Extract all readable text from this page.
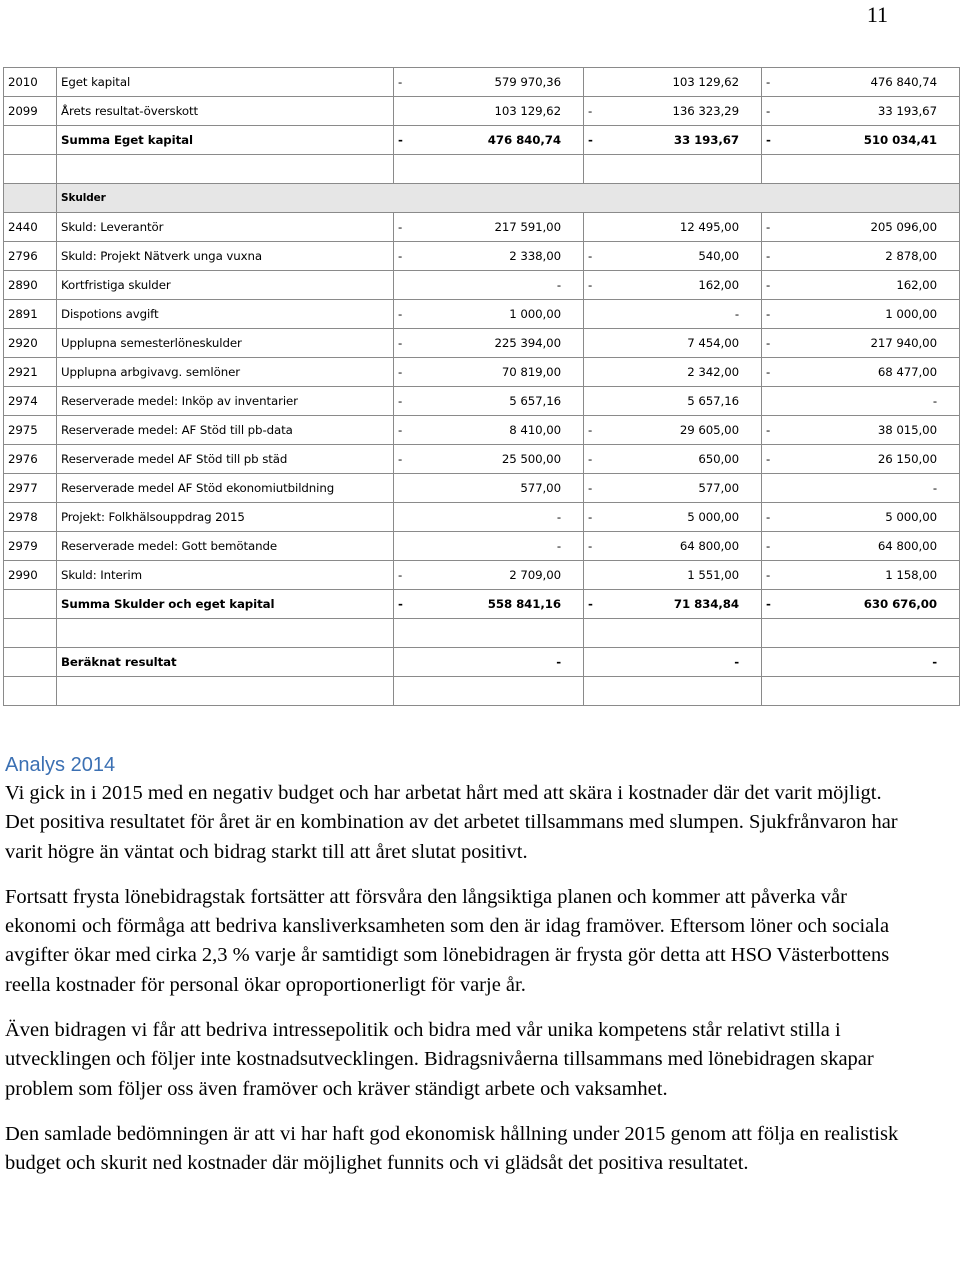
11
2010	Eget kapital	- 579 970,36	103 129,62	- 476 840,74

2099	Årets resultat-överskott	103 129,62	- 136 323,29	- 33 193,67

	Summa Eget kapital	- 476 840,74	- 33 193,67	- 510 034,41

	Skulder			
2440	Skuld: Leverantör	- 217 591,00	12 495,00	- 205 096,00

2796	Skuld: Projekt Nätverk unga vuxna	- 2 338,00	- 540,00	- 2 878,00

2890	Kortfristiga skulder	-	- 162,00	- 162,00

2891	Dispotions avgift	- 1 000,00	-	- 1 000,00

2920	Upplupna semesterlöneskulder	- 225 394,00	7 454,00	- 217 940,00

2921	Upplupna arbgivavg. semlöner	- 70 819,00	2 342,00	- 68 477,00

2974	Reserverade medel: Inköp av inventarier	- 5 657,16	5 657,16	-

2975	Reserverade medel: AF Stöd till pb-data	- 8 410,00	- 29 605,00	- 38 015,00

2976	Reserverade medel AF Stöd till pb städ	- 25 500,00	- 650,00	- 26 150,00

2977	Reserverade medel AF Stöd ekonomiutbildning	577,00	- 577,00	-

2978	Projekt: Folkhälsouppdrag 2015	-	- 5 000,00	- 5 000,00

2979	Reserverade medel: Gott bemötande	-	- 64 800,00	- 64 800,00

2990	Skuld: Interim	- 2 709,00	1 551,00	- 1 158,00

	Summa Skulder och eget kapital	- 558 841,16	- 71 834,84	- 630 676,00

	Beräknat resultat	-	-	-

Analys 2014

Vi gick in i 2015 med en negativ budget och har arbetat hårt med att skära i kostnader där det varit möjligt. Det positiva resultatet för året är en kombination av det arbetet tillsammans med slumpen. Sjukfrånvaron har varit högre än väntat och bidrag starkt till att året slutat positivt.

Fortsatt frysta lönebidragstak fortsätter att försvåra den långsiktiga planen och kommer att påverka vår ekonomi och förmåga att bedriva kansliverksamheten som den är idag framöver. Eftersom löner och sociala avgifter ökar med cirka 2,3 % varje år samtidigt som lönebidragen är frysta gör detta att HSO Västerbottens reella kostnader för personal ökar oproportionerligt för varje år.

Även bidragen vi får att bedriva intressepolitik och bidra med vår unika kompetens står relativt stilla i utvecklingen och följer inte kostnadsutvecklingen. Bidragsnivåerna tillsammans med lönebidragen skapar problem som följer oss även framöver och kräver ständigt arbete och vaksamhet.

Den samlade bedömningen är att vi har haft god ekonomisk hållning under 2015 genom att följa en realistisk budget och skurit ned kostnader där möjlighet funnits och vi glädsåt det positiva resultatet.
